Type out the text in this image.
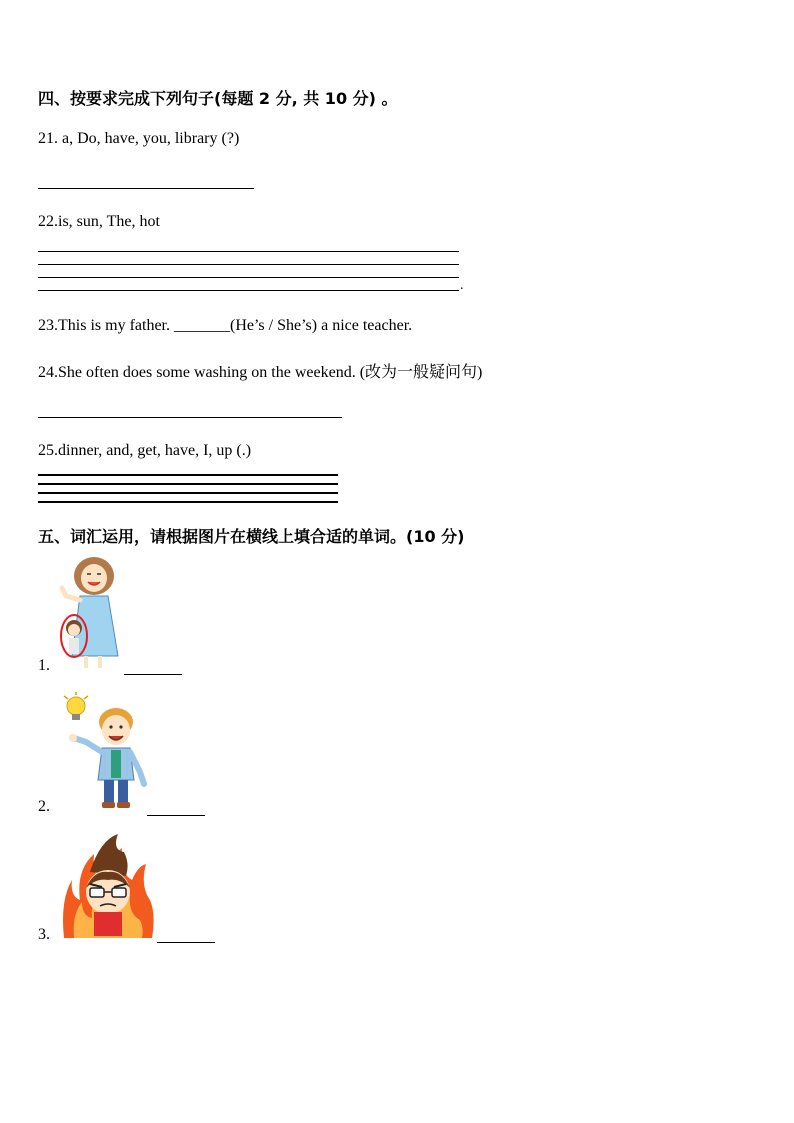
四、按要求完成下列句子(每题 2 分, 共 10 分) 。
21. a, Do, have, you, library (?)
22.is, sun, The, hot
.
23.This is my father. _______(He’s / She’s) a nice teacher.
24.She often does some washing on the weekend. (改为一般疑问句)
25.dinner, and, get, have, I, up (.)
五、词汇运用，请根据图片在横线上填合适的单词。(10 分)
1.
2.
3.
